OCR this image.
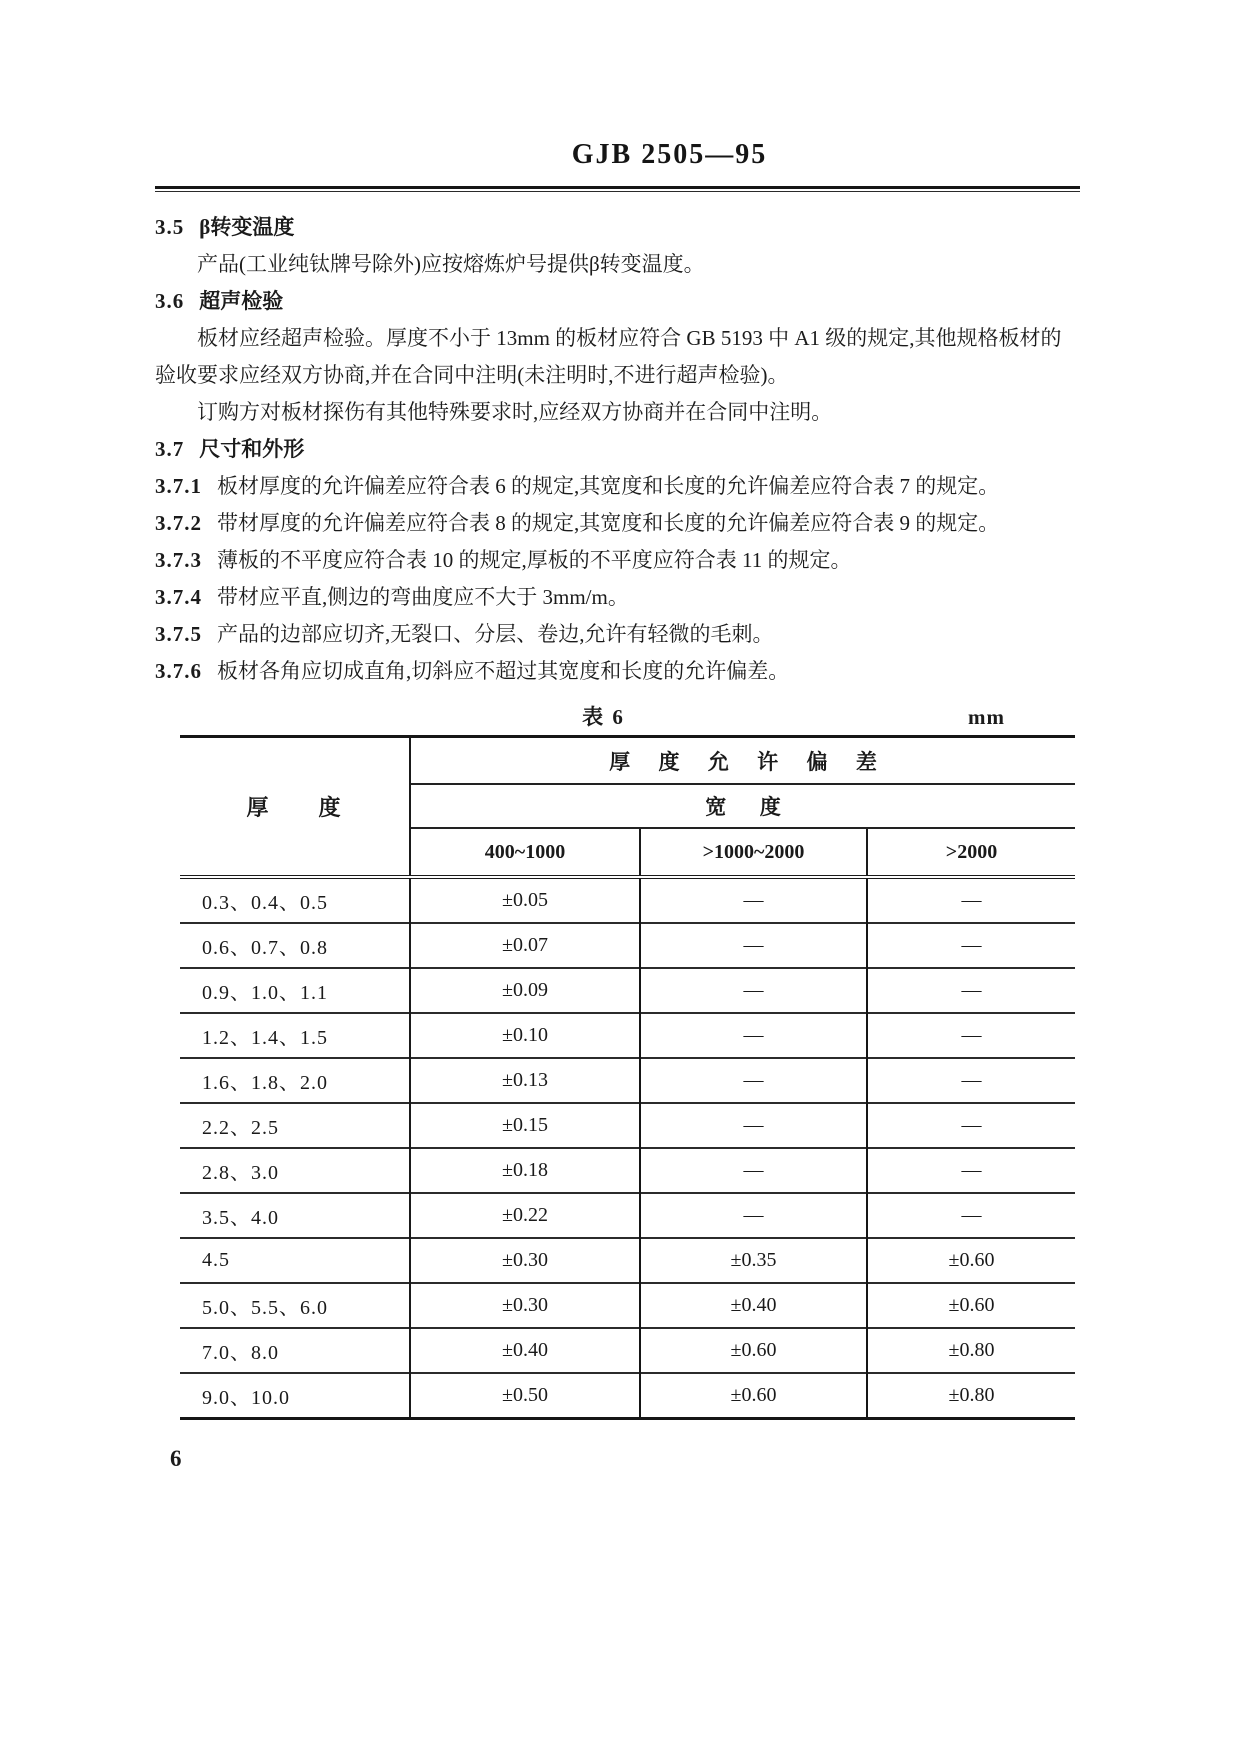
GJB 2505—95

3.5 β转变温度

产品(工业纯钛牌号除外)应按熔炼炉号提供β转变温度。

3.6 超声检验

板材应经超声检验。厚度不小于 13mm 的板材应符合 GB 5193 中 A1 级的规定,其他规格板材的验收要求应经双方协商,并在合同中注明(未注明时,不进行超声检验)。

订购方对板材探伤有其他特殊要求时,应经双方协商并在合同中注明。

3.7 尺寸和外形

3.7.1 板材厚度的允许偏差应符合表 6 的规定,其宽度和长度的允许偏差应符合表 7 的规定。

3.7.2 带材厚度的允许偏差应符合表 8 的规定,其宽度和长度的允许偏差应符合表 9 的规定。

3.7.3 薄板的不平度应符合表 10 的规定,厚板的不平度应符合表 11 的规定。

3.7.4 带材应平直,侧边的弯曲度应不大于 3mm/m。

3.7.5 产品的边部应切齐,无裂口、分层、卷边,允许有轻微的毛刺。

3.7.6 板材各角应切成直角,切斜应不超过其宽度和长度的允许偏差。

表 6	mm
厚　　度	厚 度 允 许 偏 差		
	宽　度		
	400~1000	>1000~2000	>2000
0.3、0.4、0.5	±0.05	—	—
0.6、0.7、0.8	±0.07	—	—
0.9、1.0、1.1	±0.09	—	—
1.2、1.4、1.5	±0.10	—	—
1.6、1.8、2.0	±0.13	—	—
2.2、2.5	±0.15	—	—
2.8、3.0	±0.18	—	—
3.5、4.0	±0.22	—	—
4.5	±0.30	±0.35	±0.60
5.0、5.5、6.0	±0.30	±0.40	±0.60
7.0、8.0	±0.40	±0.60	±0.80
9.0、10.0	±0.50	±0.60	±0.80
6
